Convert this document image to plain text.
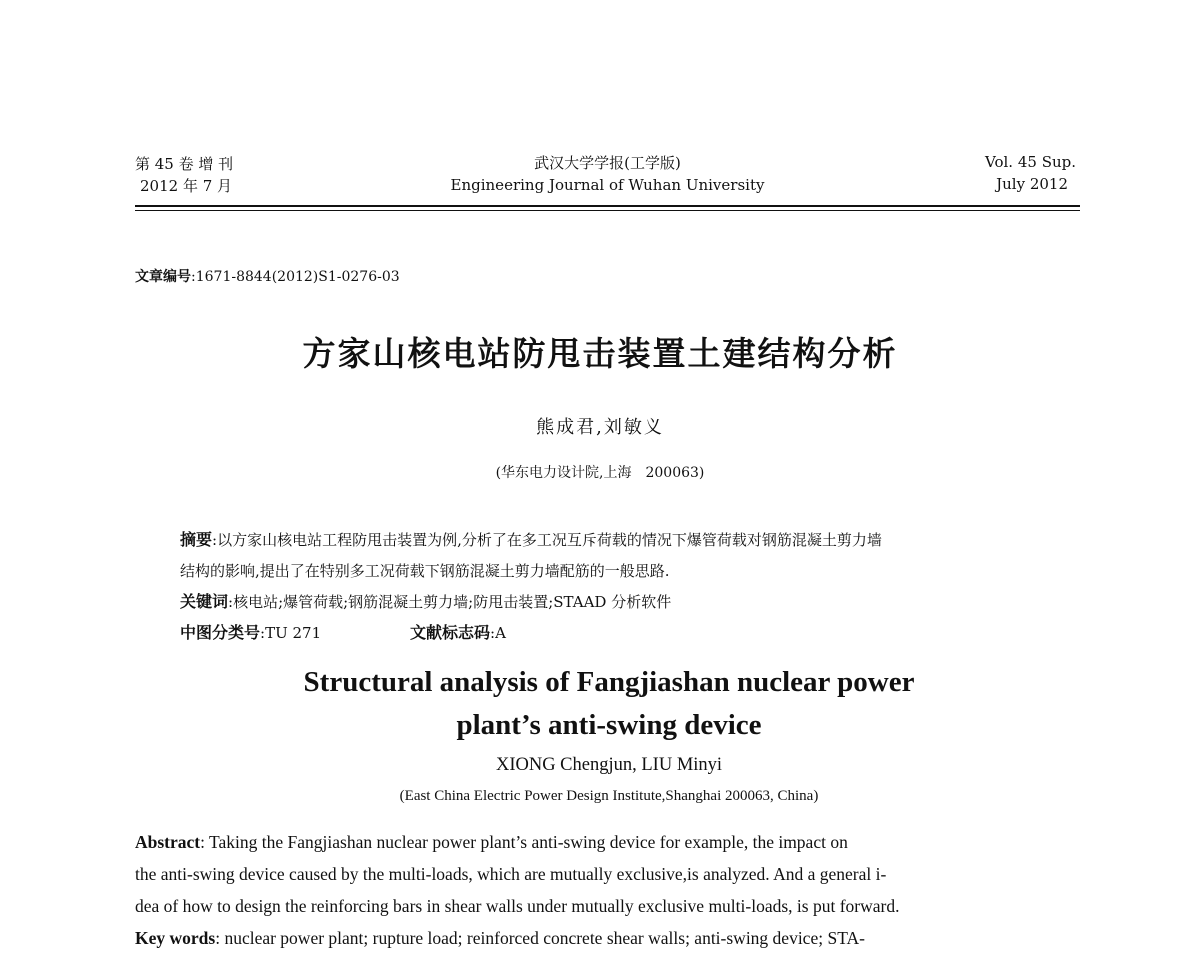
第 45 卷 增 刊
2012 年 7 月
武汉大学学报(工学版)
Engineering Journal of Wuhan University
Vol. 45 Sup.
July 2012
文章编号:1671-8844(2012)S1-0276-03
方家山核电站防甩击装置土建结构分析
熊成君,刘敏义
(华东电力设计院,上海　200063)
摘要:以方家山核电站工程防甩击装置为例,分析了在多工况互斥荷载的情况下爆管荷载对钢筋混凝土剪力墙
结构的影响,提出了在特别多工况荷载下钢筋混凝土剪力墙配筋的一般思路.
关键词:核电站;爆管荷载;钢筋混凝土剪力墙;防甩击装置;STAAD 分析软件
中图分类号:TU 271	文献标志码:A
Structural analysis of Fangjiashan nuclear power
plant’s anti-swing device
XIONG Chengjun, LIU Minyi
(East China Electric Power Design Institute,Shanghai 200063, China)
Abstract: Taking the Fangjiashan nuclear power plant’s anti-swing device for example, the impact on
the anti-swing device caused by the multi-loads, which are mutually exclusive,is analyzed. And a general i-
dea of how to design the reinforcing bars in shear walls under mutually exclusive multi-loads, is put forward.
Key words: nuclear power plant; rupture load; reinforced concrete shear walls; anti-swing device; STA-
